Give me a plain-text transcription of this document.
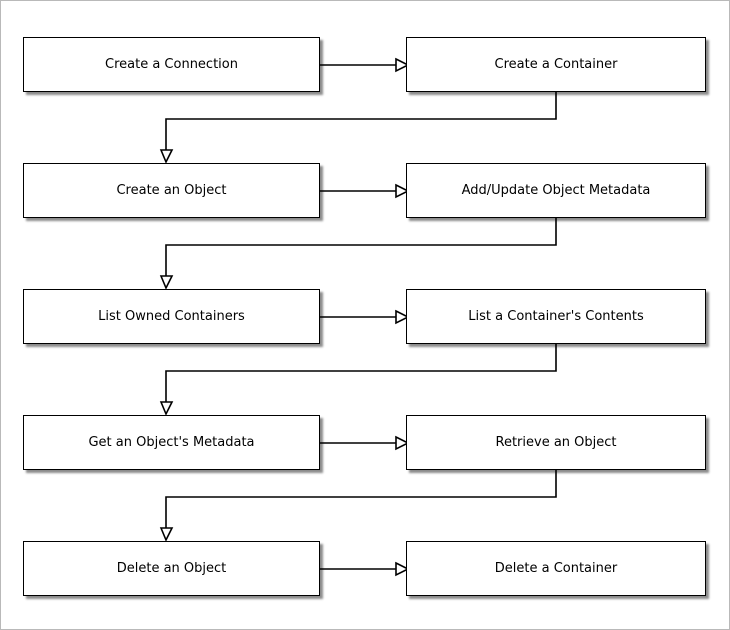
Create a Connection	Create a Container
Create an Object	Add/Update Object Metadata
List Owned Containers	List a Container's Contents
Get an Object's Metadata	Retrieve an Object
Delete an Object	Delete a Container
